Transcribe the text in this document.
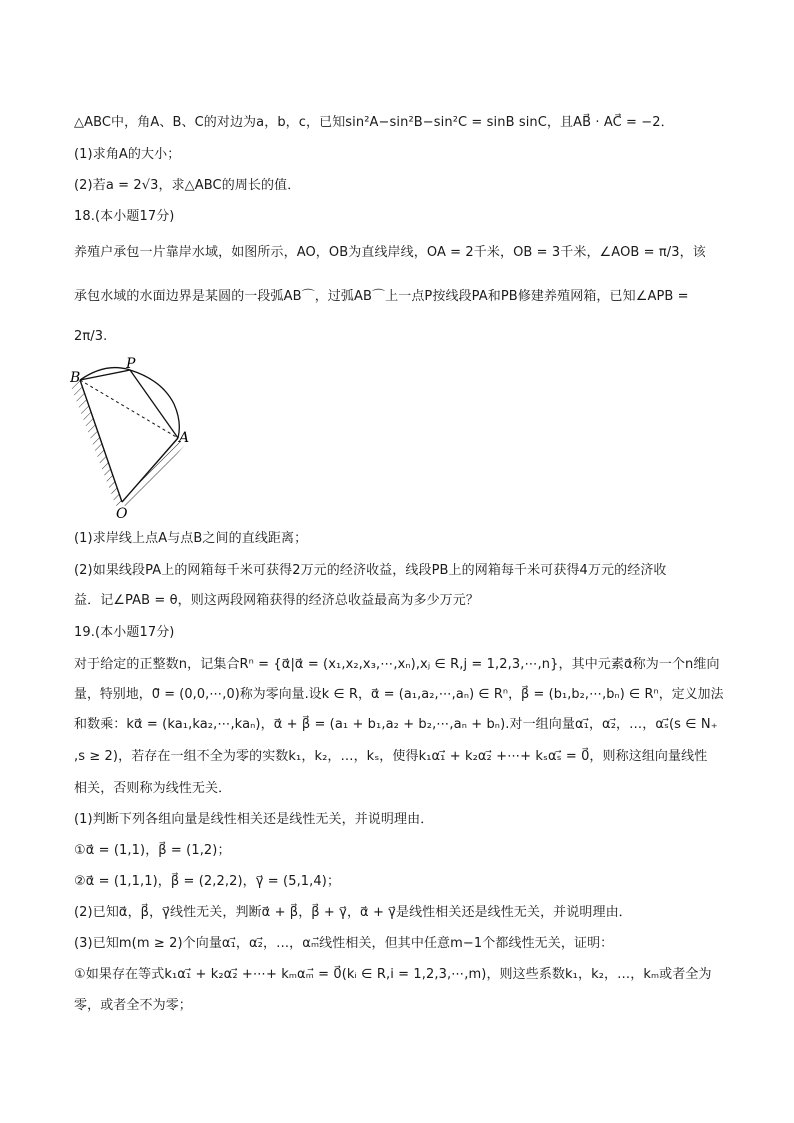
△ABC中，角A、B、C的对边为a，b，c，已知sin²A−sin²B−sin²C = sinB sinC，且AB⃗ · AC⃗ = −2．
(1)求角A的大小；
(2)若a = 2√3，求△ABC的周长的值．
18.(本小题17分)
养殖户承包一片靠岸水域，如图所示，AO，OB为直线岸线，OA = 2千米，OB = 3千米，∠AOB = π/3，该
承包水域的水面边界是某圆的一段弧AB⌒，过弧AB⌒上一点P按线段PA和PB修建养殖网箱，已知∠APB =
2π/3.
B
P
A
O
(1)求岸线上点A与点B之间的直线距离；
(2)如果线段PA上的网箱每千米可获得2万元的经济收益，线段PB上的网箱每千米可获得4万元的经济收
益．记∠PAB = θ，则这两段网箱获得的经济总收益最高为多少万元？
19.(本小题17分)
对于给定的正整数n，记集合Rⁿ = {α⃗|α⃗ = (x₁,x₂,x₃,⋯,xₙ),xⱼ ∈ R,j = 1,2,3,⋯,n}，其中元素α⃗称为一个n维向
量，特别地，0⃗ = (0,0,⋯,0)称为零向量.设k ∈ R，α⃗ = (a₁,a₂,⋯,aₙ) ∈ Rⁿ，β⃗ = (b₁,b₂,⋯,bₙ) ∈ Rⁿ，定义加法
和数乘：kα⃗ = (ka₁,ka₂,⋯,kaₙ)，α⃗ + β⃗ = (a₁ + b₁,a₂ + b₂,⋯,aₙ + bₙ).对一组向量α₁⃗，α₂⃗，…，αₛ⃗(s ∈ N₊
,s ≥ 2)，若存在一组不全为零的实数k₁，k₂，…，kₛ，使得k₁α₁⃗ + k₂α₂⃗ +⋯+ kₛαₛ⃗ = 0⃗，则称这组向量线性
相关，否则称为线性无关．
(1)判断下列各组向量是线性相关还是线性无关，并说明理由．
①α⃗ = (1,1)，β⃗ = (1,2)；
②α⃗ = (1,1,1)，β⃗ = (2,2,2)，γ⃗ = (5,1,4)；
(2)已知α⃗，β⃗，γ⃗线性无关，判断α⃗ + β⃗，β⃗ + γ⃗，α⃗ + γ⃗是线性相关还是线性无关，并说明理由．
(3)已知m(m ≥ 2)个向量α₁⃗，α₂⃗，…，αₘ⃗线性相关，但其中任意m−1个都线性无关，证明：
①如果存在等式k₁α₁⃗ + k₂α₂⃗ +⋯+ kₘαₘ⃗ = 0⃗(kᵢ ∈ R,i = 1,2,3,⋯,m)，则这些系数k₁，k₂，…，kₘ或者全为
零，或者全不为零；
